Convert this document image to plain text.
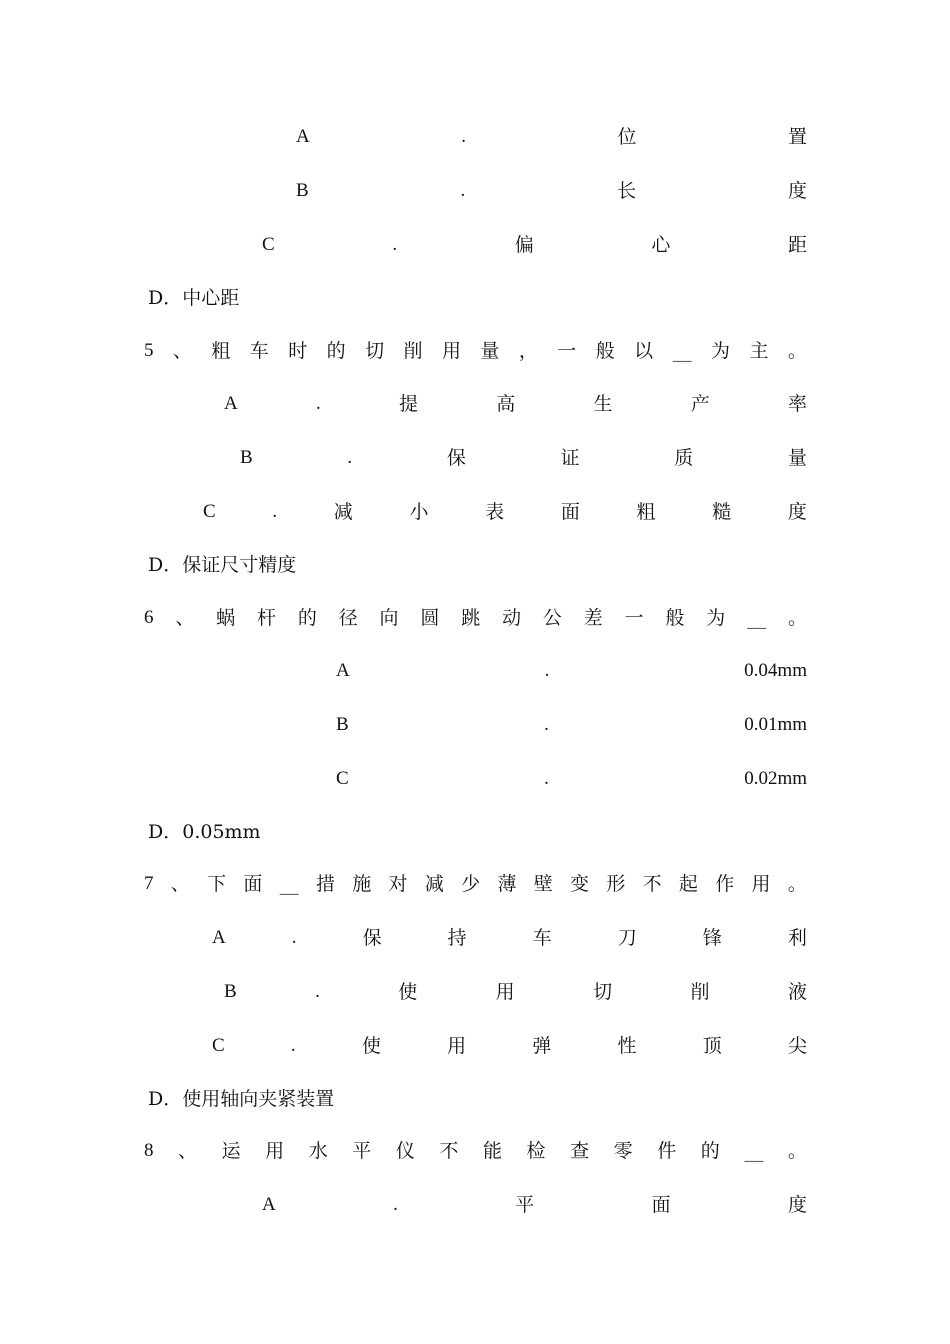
A	.	位	置
B	.	长	度
C	.	偏	心	距
D．中心距
5 、 粗 车 时 的 切 削 用 量 ， 一 般 以 __ 为 主 。
A	.	提	高	生	产	率
B	.	保	证	质	量
C	.	减	小	表	面	粗	糙	度
D．保证尺寸精度
6 、 蜗 杆 的 径 向 圆 跳 动 公 差 一 般 为 __ 。
A	.	0.04mm
B	.	0.01mm
C	.	0.02mm
D．0.05mm
7 、 下 面 __ 措 施 对 减 少 薄 壁 变 形 不 起 作 用 。
A	.	保	持	车	刀	锋	利
B	.	使	用	切	削	液
C	.	使	用	弹	性	顶	尖
D．使用轴向夹紧装置
8 、 运 用 水 平 仪 不 能 检 查 零 件 的 __ 。
A	.	平	面	度
